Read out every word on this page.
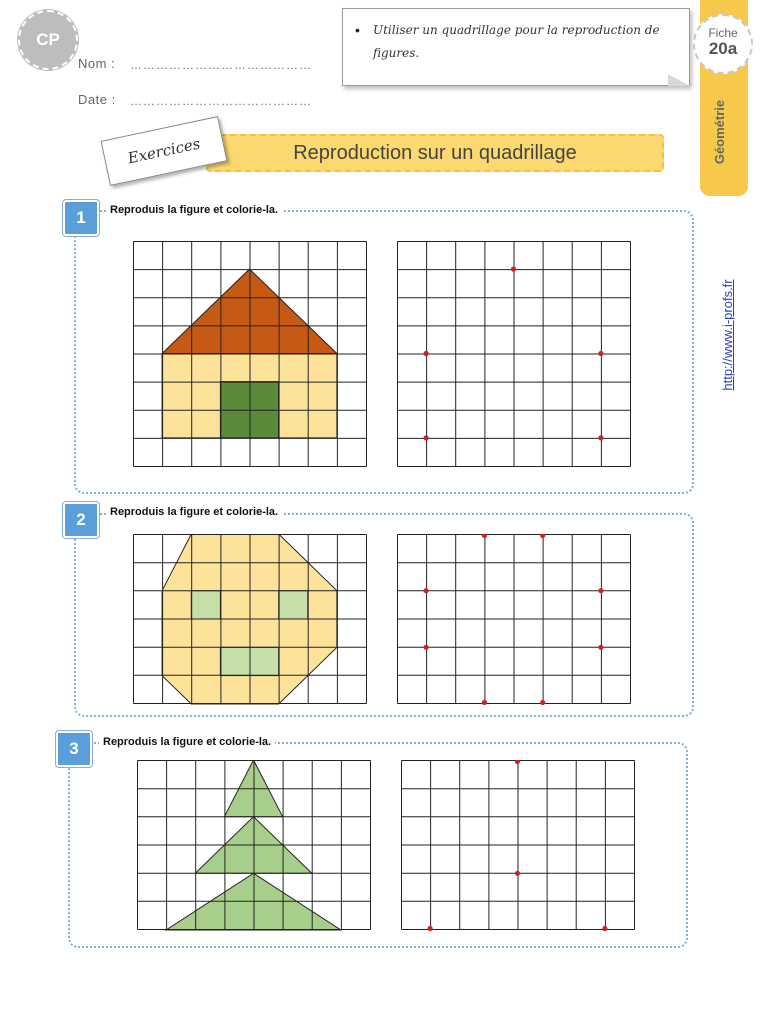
CP
Nom : ……………………………………
Date : ……………………………………
• Utiliser un quadrillage pour la reproduction de figures.
Fiche
20a
Géométrie
http://www.i-profs.fr
Reproduction sur un quadrillage
Exercices
1	Reproduis la figure et colorie-la.
2	Reproduis la figure et colorie-la.
3	Reproduis la figure et colorie-la.
